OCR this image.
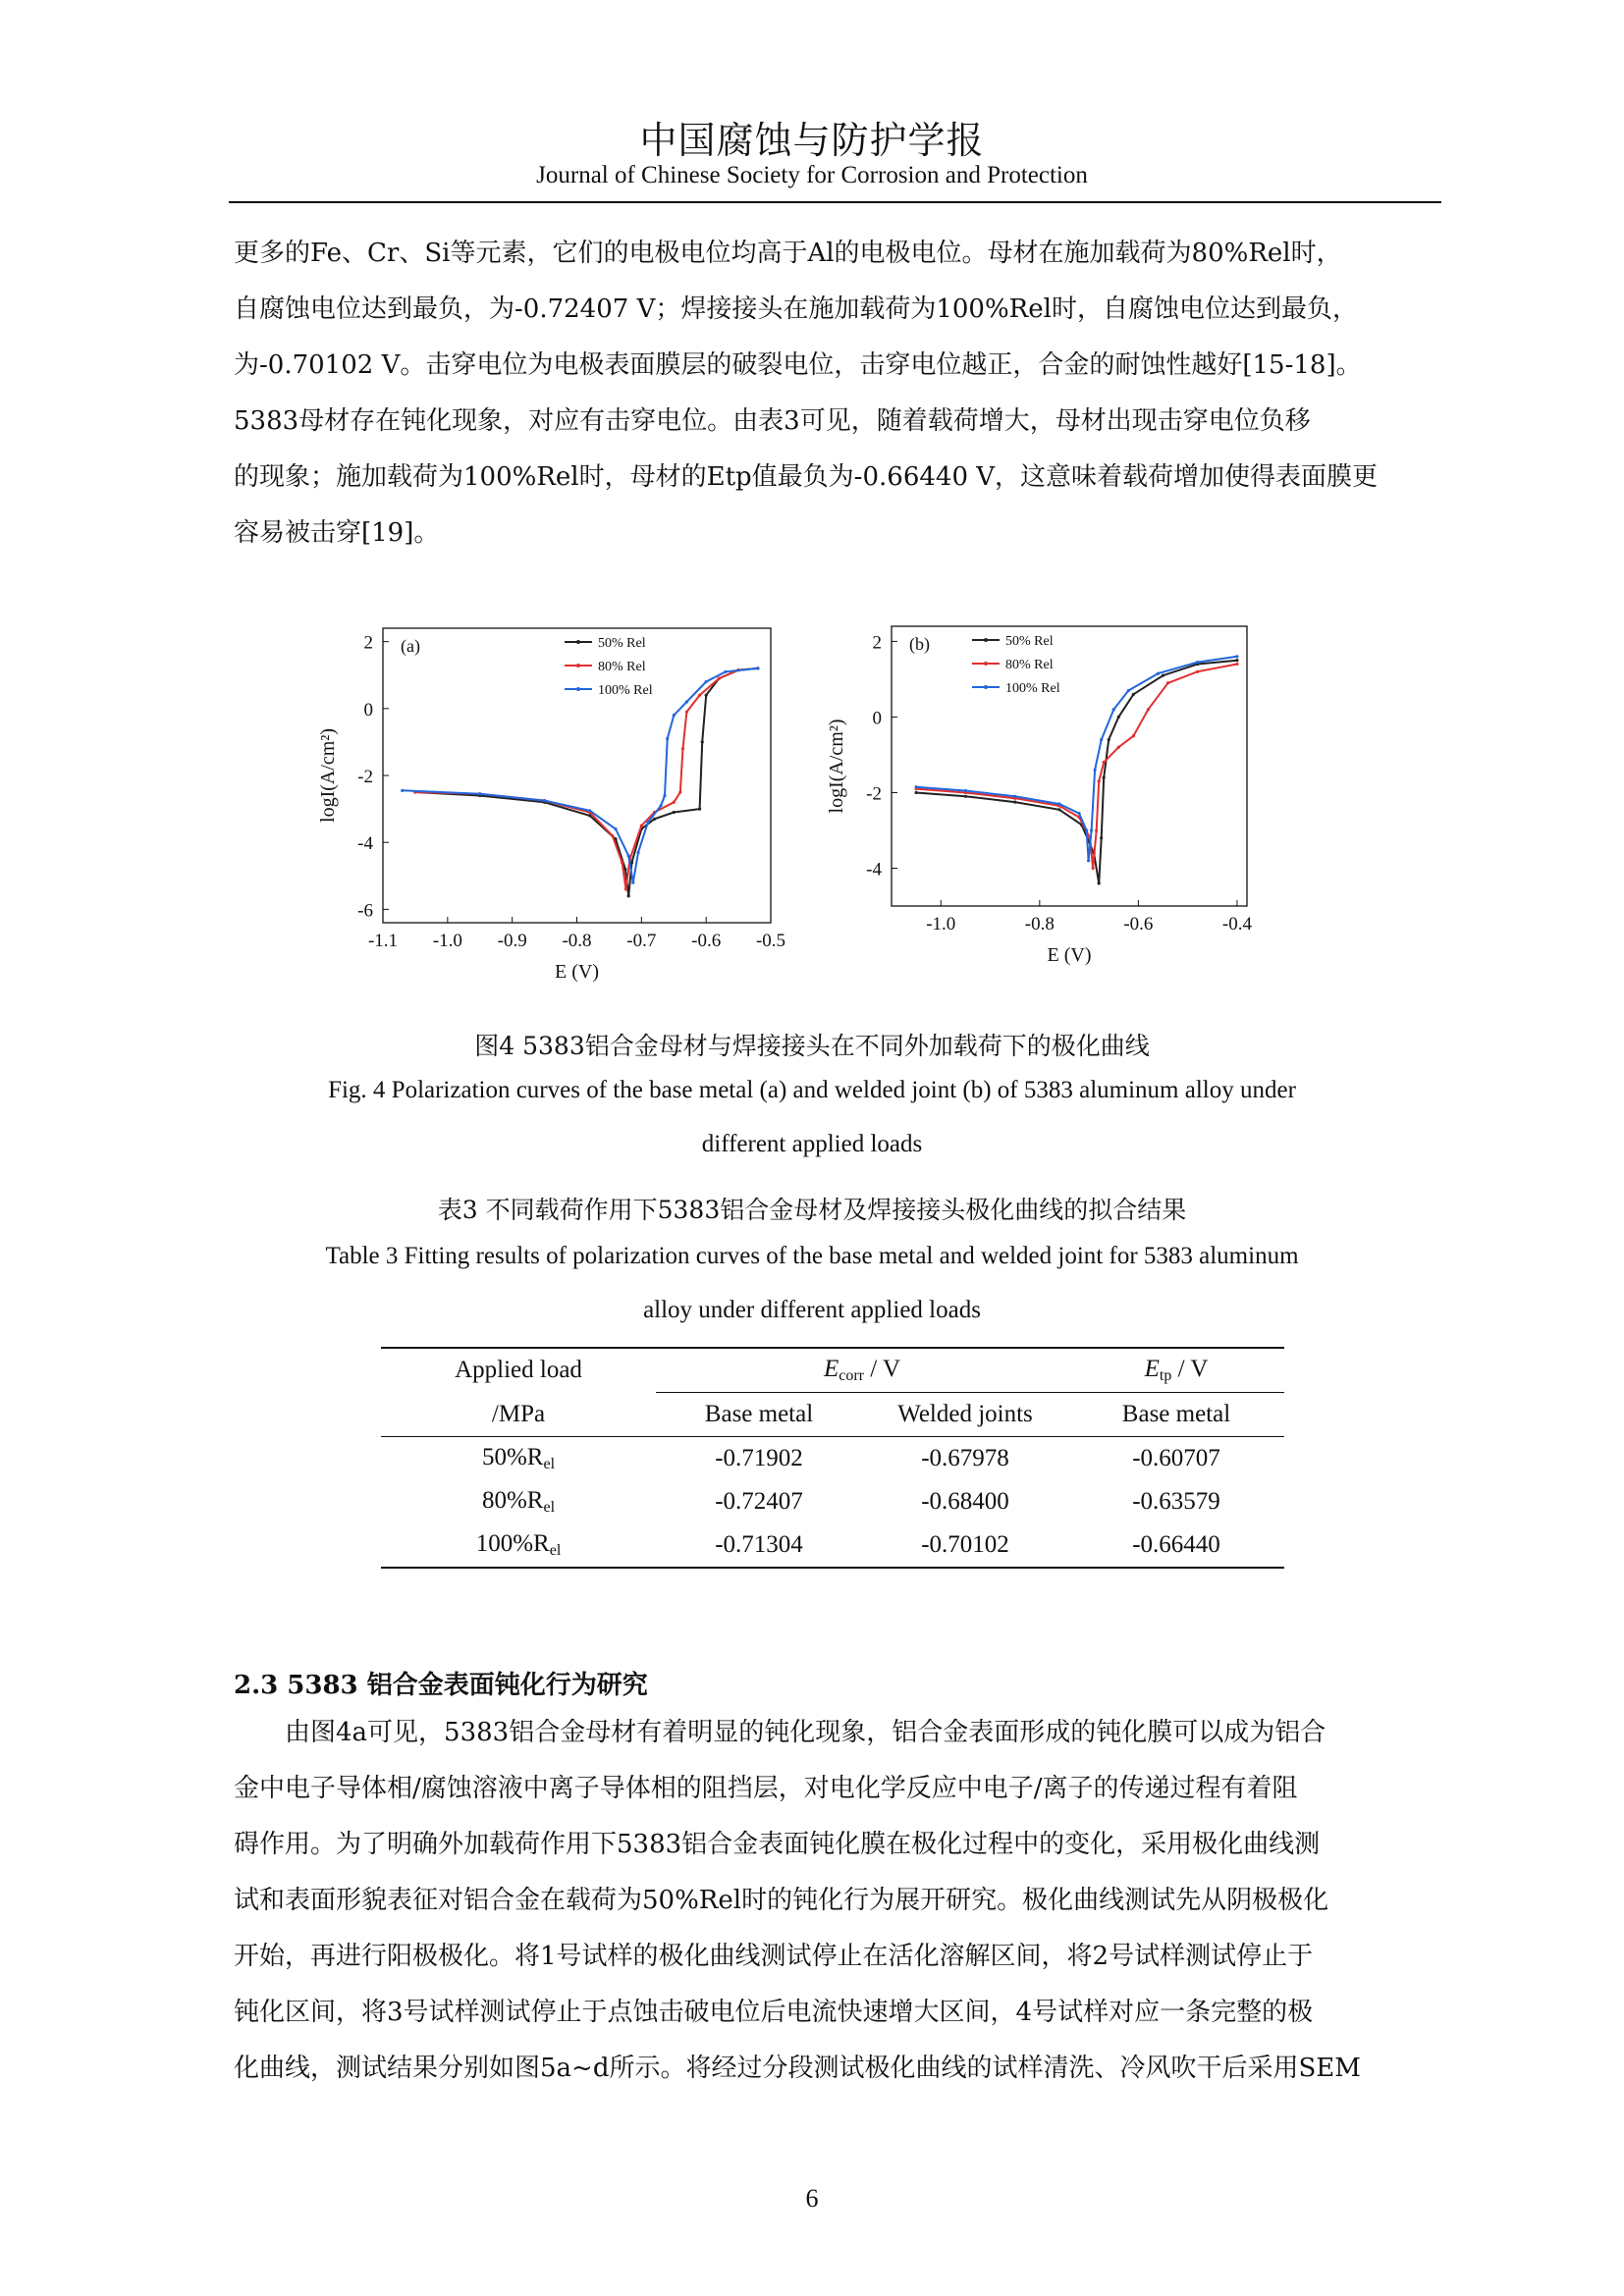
中国腐蚀与防护学报
Journal of Chinese Society for Corrosion and Protection
更多的Fe、Cr、Si等元素，它们的电极电位均高于Al的电极电位。母材在施加载荷为80%Rel时，
自腐蚀电位达到最负，为-0.72407 V；焊接接头在施加载荷为100%Rel时，自腐蚀电位达到最负，
为-0.70102 V。击穿电位为电极表面膜层的破裂电位，击穿电位越正，合金的耐蚀性越好[15-18]。
5383母材存在钝化现象，对应有击穿电位。由表3可见，随着载荷增大，母材出现击穿电位负移
的现象；施加载荷为100%Rel时，母材的Etp值最负为-0.66440 V，这意味着载荷增加使得表面膜更
容易被击穿[19]。
-1.1 -1.0 -0.9 -0.8 -0.7 -0.6 -0.5
2
0
-2
-4
-6
E (V)
logI(A/cm²)
(a)	50% Rel
80% Rel
100% Rel
-1.0	-0.8	-0.6	-0.4
2
0
-2
-4
E (V)
logI(A/cm²)
(b)	50% Rel
80% Rel
100% Rel
图4 5383铝合金母材与焊接接头在不同外加载荷下的极化曲线
Fig. 4 Polarization curves of the base metal (a) and welded joint (b) of 5383 aluminum alloy under
different applied loads
表3 不同载荷作用下5383铝合金母材及焊接接头极化曲线的拟合结果
Table 3 Fitting results of polarization curves of the base metal and welded joint for 5383 aluminum
alloy under different applied loads
Applied load	$E_{corr}$ / V		$E_{tp}$ / V
/MPa	Base metal	Welded joints	Base metal
$50\%R_{el}$	-0.71902	-0.67978	-0.60707
$80\%R_{el}$	-0.72407	-0.68400	-0.63579
$100\%R_{el}$	-0.71304	-0.70102	-0.66440
2.3 5383 铝合金表面钝化行为研究
由图4a可见，5383铝合金母材有着明显的钝化现象，铝合金表面形成的钝化膜可以成为铝合
金中电子导体相/腐蚀溶液中离子导体相的阻挡层，对电化学反应中电子/离子的传递过程有着阻
碍作用。为了明确外加载荷作用下5383铝合金表面钝化膜在极化过程中的变化，采用极化曲线测
试和表面形貌表征对铝合金在载荷为50%Rel时的钝化行为展开研究。极化曲线测试先从阴极极化
开始，再进行阳极极化。将1号试样的极化曲线测试停止在活化溶解区间，将2号试样测试停止于
钝化区间，将3号试样测试停止于点蚀击破电位后电流快速增大区间，4号试样对应一条完整的极
化曲线，测试结果分别如图5a~d所示。将经过分段测试极化曲线的试样清洗、冷风吹干后采用SEM
6
